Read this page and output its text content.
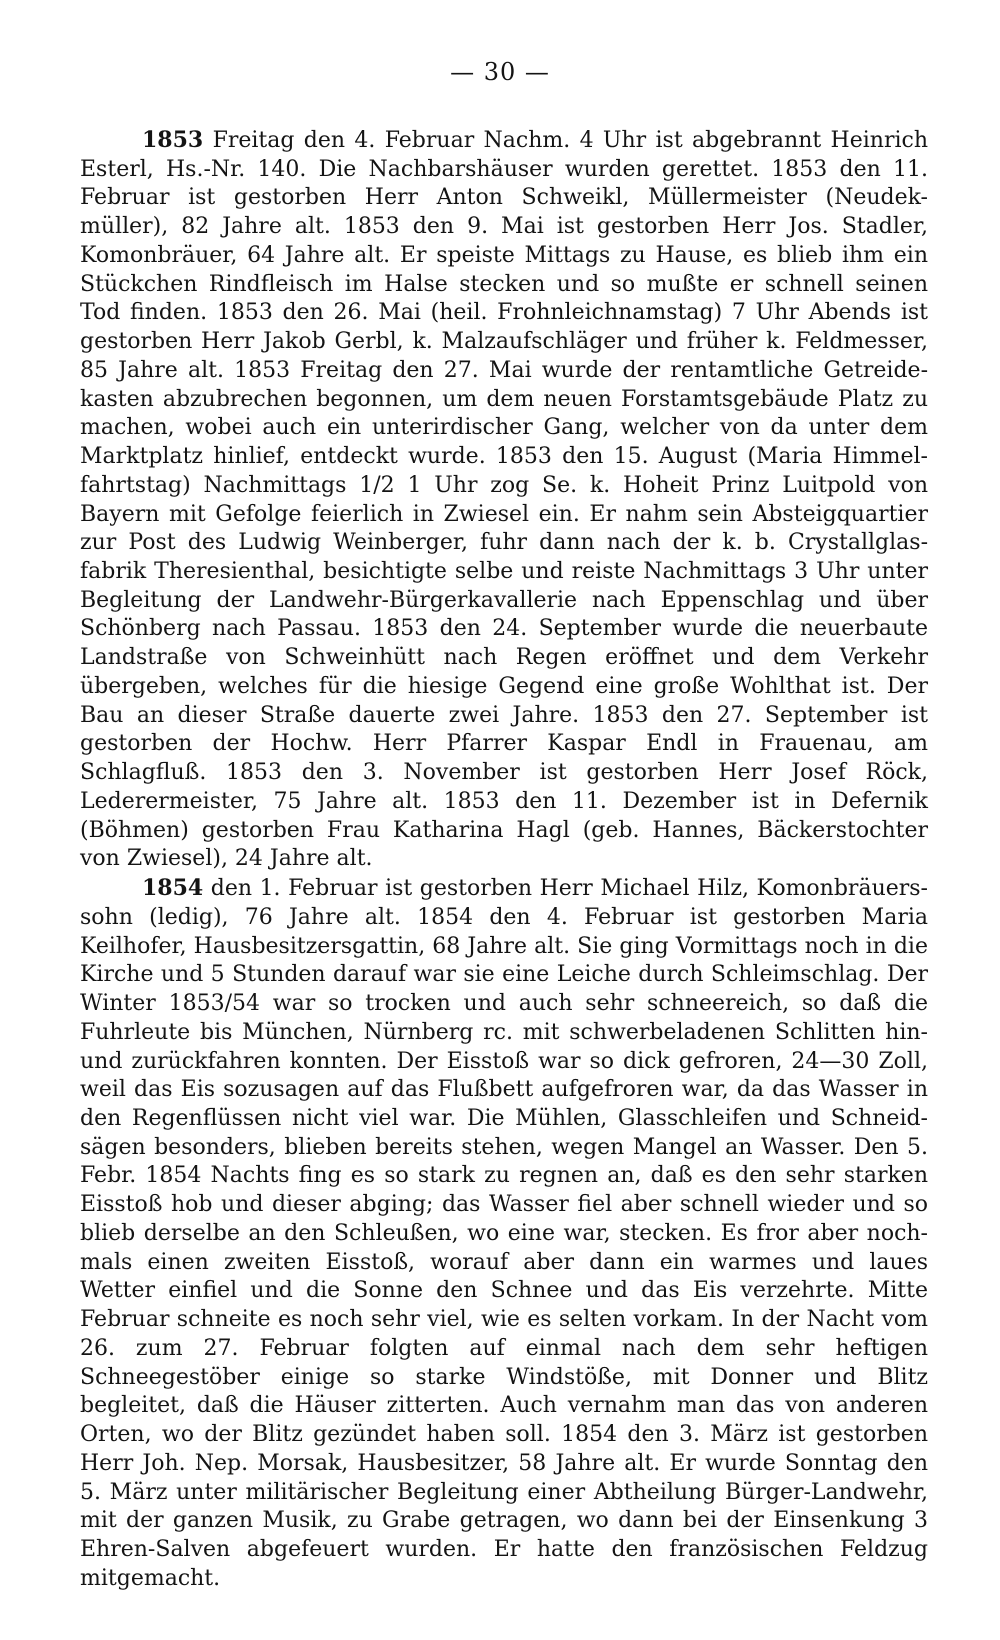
— 30 —

1853 Freitag den 4. Februar Nachm. 4 Uhr ist abgebrannt Heinrich Esterl, Hs.-Nr. 140. Die Nachbarshäuser wurden gerettet. 1853 den 11. Februar ist gestorben Herr Anton Schweikl, Müllermeister (Neudek-müller), 82 Jahre alt. 1853 den 9. Mai ist gestorben Herr Jos. Stadler, Komonbräuer, 64 Jahre alt. Er speiste Mittags zu Hause, es blieb ihm ein Stückchen Rindfleisch im Halse stecken und so mußte er schnell seinen Tod finden. 1853 den 26. Mai (heil. Frohnleichnamstag) 7 Uhr Abends ist gestorben Herr Jakob Gerbl, k. Malzaufschläger und früher k. Feldmesser, 85 Jahre alt. 1853 Freitag den 27. Mai wurde der rentamtliche Getreide-kasten abzubrechen begonnen, um dem neuen Forstamtsgebäude Platz zu machen, wobei auch ein unterirdischer Gang, welcher von da unter dem Marktplatz hinlief, entdeckt wurde. 1853 den 15. August (Maria Himmel-fahrtstag) Nachmittags 1/2 1 Uhr zog Se. k. Hoheit Prinz Luitpold von Bayern mit Gefolge feierlich in Zwiesel ein. Er nahm sein Absteigquartier zur Post des Ludwig Weinberger, fuhr dann nach der k. b. Crystallglas-fabrik Theresienthal, besichtigte selbe und reiste Nachmittags 3 Uhr unter Begleitung der Landwehr-Bürgerkavallerie nach Eppenschlag und über Schönberg nach Passau. 1853 den 24. September wurde die neuerbaute Landstraße von Schweinhütt nach Regen eröffnet und dem Verkehr übergeben, welches für die hiesige Gegend eine große Wohlthat ist. Der Bau an dieser Straße dauerte zwei Jahre. 1853 den 27. September ist gestorben der Hochw. Herr Pfarrer Kaspar Endl in Frauenau, am Schlagfluß. 1853 den 3. November ist gestorben Herr Josef Röck, Lederermeister, 75 Jahre alt. 1853 den 11. Dezember ist in Defernik (Böhmen) gestorben Frau Katharina Hagl (geb. Hannes, Bäckerstochter von Zwiesel), 24 Jahre alt.

1854 den 1. Februar ist gestorben Herr Michael Hilz, Komonbräuers-sohn (ledig), 76 Jahre alt. 1854 den 4. Februar ist gestorben Maria Keilhofer, Hausbesitzersgattin, 68 Jahre alt. Sie ging Vormittags noch in die Kirche und 5 Stunden darauf war sie eine Leiche durch Schleimschlag. Der Winter 1853/54 war so trocken und auch sehr schneereich, so daß die Fuhrleute bis München, Nürnberg rc. mit schwerbeladenen Schlitten hin- und zurückfahren konnten. Der Eisstoß war so dick gefroren, 24—30 Zoll, weil das Eis sozusagen auf das Flußbett aufgefroren war, da das Wasser in den Regenflüssen nicht viel war. Die Mühlen, Glasschleifen und Schneid-sägen besonders, blieben bereits stehen, wegen Mangel an Wasser. Den 5. Febr. 1854 Nachts fing es so stark zu regnen an, daß es den sehr starken Eisstoß hob und dieser abging; das Wasser fiel aber schnell wieder und so blieb derselbe an den Schleußen, wo eine war, stecken. Es fror aber noch-mals einen zweiten Eisstoß, worauf aber dann ein warmes und laues Wetter einfiel und die Sonne den Schnee und das Eis verzehrte. Mitte Februar schneite es noch sehr viel, wie es selten vorkam. In der Nacht vom 26. zum 27. Februar folgten auf einmal nach dem sehr heftigen Schneegestöber einige so starke Windstöße, mit Donner und Blitz begleitet, daß die Häuser zitterten. Auch vernahm man das von anderen Orten, wo der Blitz gezündet haben soll. 1854 den 3. März ist gestorben Herr Joh. Nep. Morsak, Hausbesitzer, 58 Jahre alt. Er wurde Sonntag den 5. März unter militärischer Begleitung einer Abtheilung Bürger-Landwehr, mit der ganzen Musik, zu Grabe getragen, wo dann bei der Einsenkung 3 Ehren-Salven abgefeuert wurden. Er hatte den französischen Feldzug mitgemacht.
